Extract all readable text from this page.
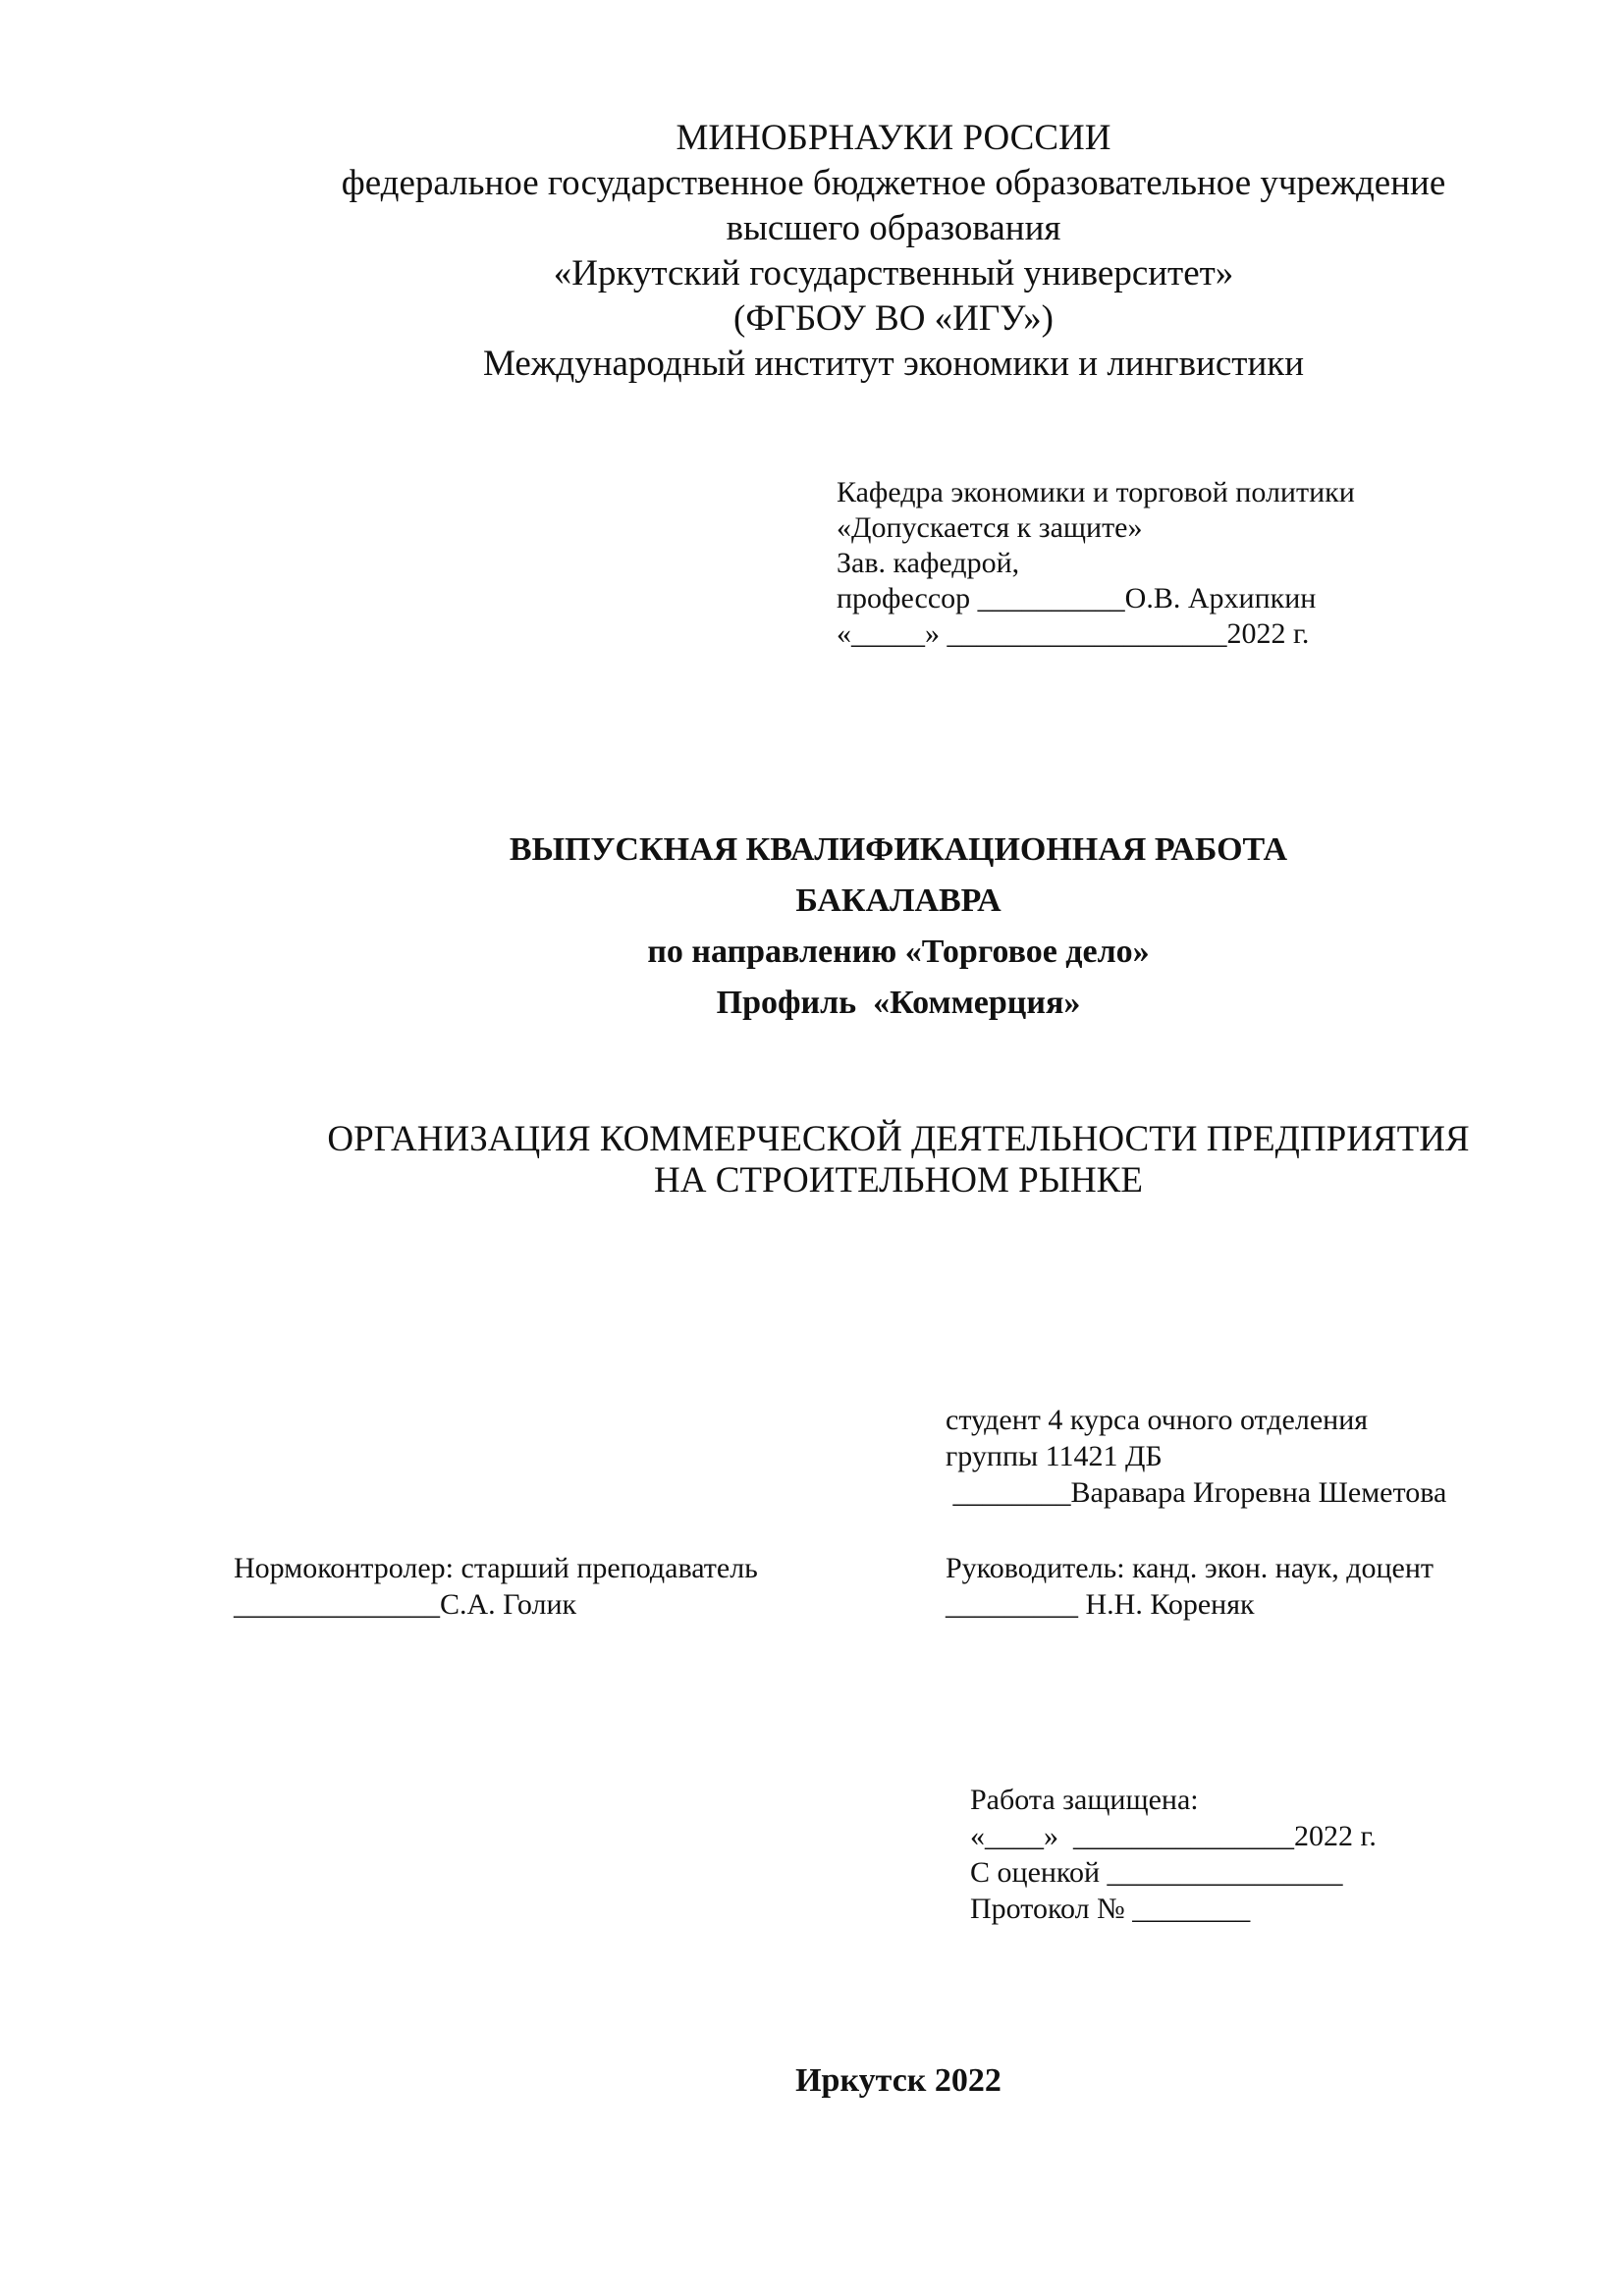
МИНОБРНАУКИ РОССИИ
федеральное государственное бюджетное образовательное учреждение
высшего образования
«Иркутский государственный университет»
(ФГБОУ ВО «ИГУ»)
Международный институт экономики и лингвистики
Кафедра экономики и торговой политики
«Допускается к защите»
Зав. кафедрой,
профессор __________О.В. Архипкин
«_____» ___________________2022 г.
ВЫПУСКНАЯ КВАЛИФИКАЦИОННАЯ РАБОТА
БАКАЛАВРА
по направлению «Торговое дело»
Профиль  «Коммерция»
ОРГАНИЗАЦИЯ КОММЕРЧЕСКОЙ ДЕЯТЕЛЬНОСТИ ПРЕДПРИЯТИЯ
НА СТРОИТЕЛЬНОМ РЫНКЕ
студент 4 курса очного отделения
группы 11421 ДБ
________Варавара Игоревна Шеметова
Нормоконтролер: старший преподаватель
______________С.А. Голик
Руководитель: канд. экон. наук, доцент
_________ Н.Н. Кореняк
Работа защищена:
«____»  _______________2022 г.
С оценкой ________________
Протокол № ________
Иркутск 2022
